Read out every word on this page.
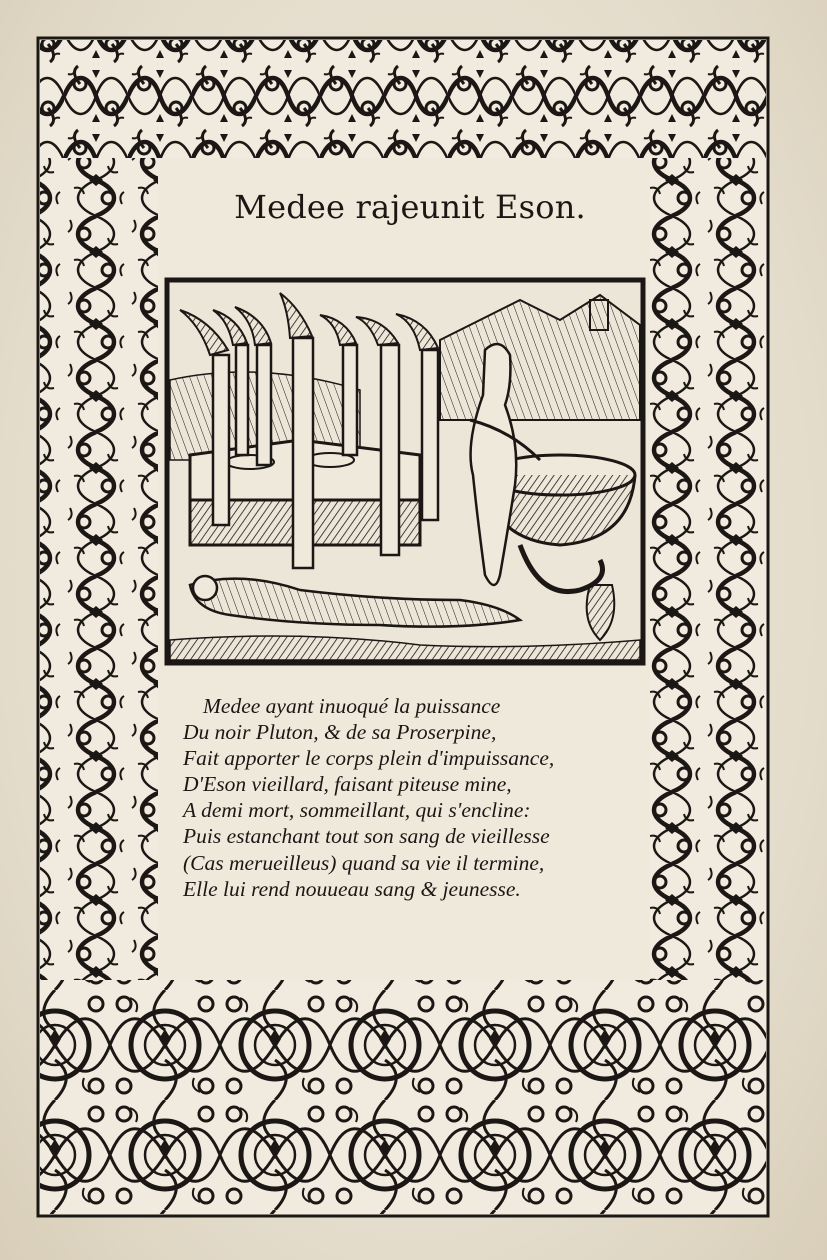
Medee rajeunit Eson.
Medee ayant inuoqué la puissance
Du noir Pluton, & de sa Proserpine,
Fait apporter le corps plein d'impuissance,
D'Eson vieillard, faisant piteuse mine,
A demi mort, sommeillant, qui s'encline:
Puis estanchant tout son sang de vieillesse
(Cas merueilleus) quand sa vie il termine,
Elle lui rend nouueau sang & jeunesse.
